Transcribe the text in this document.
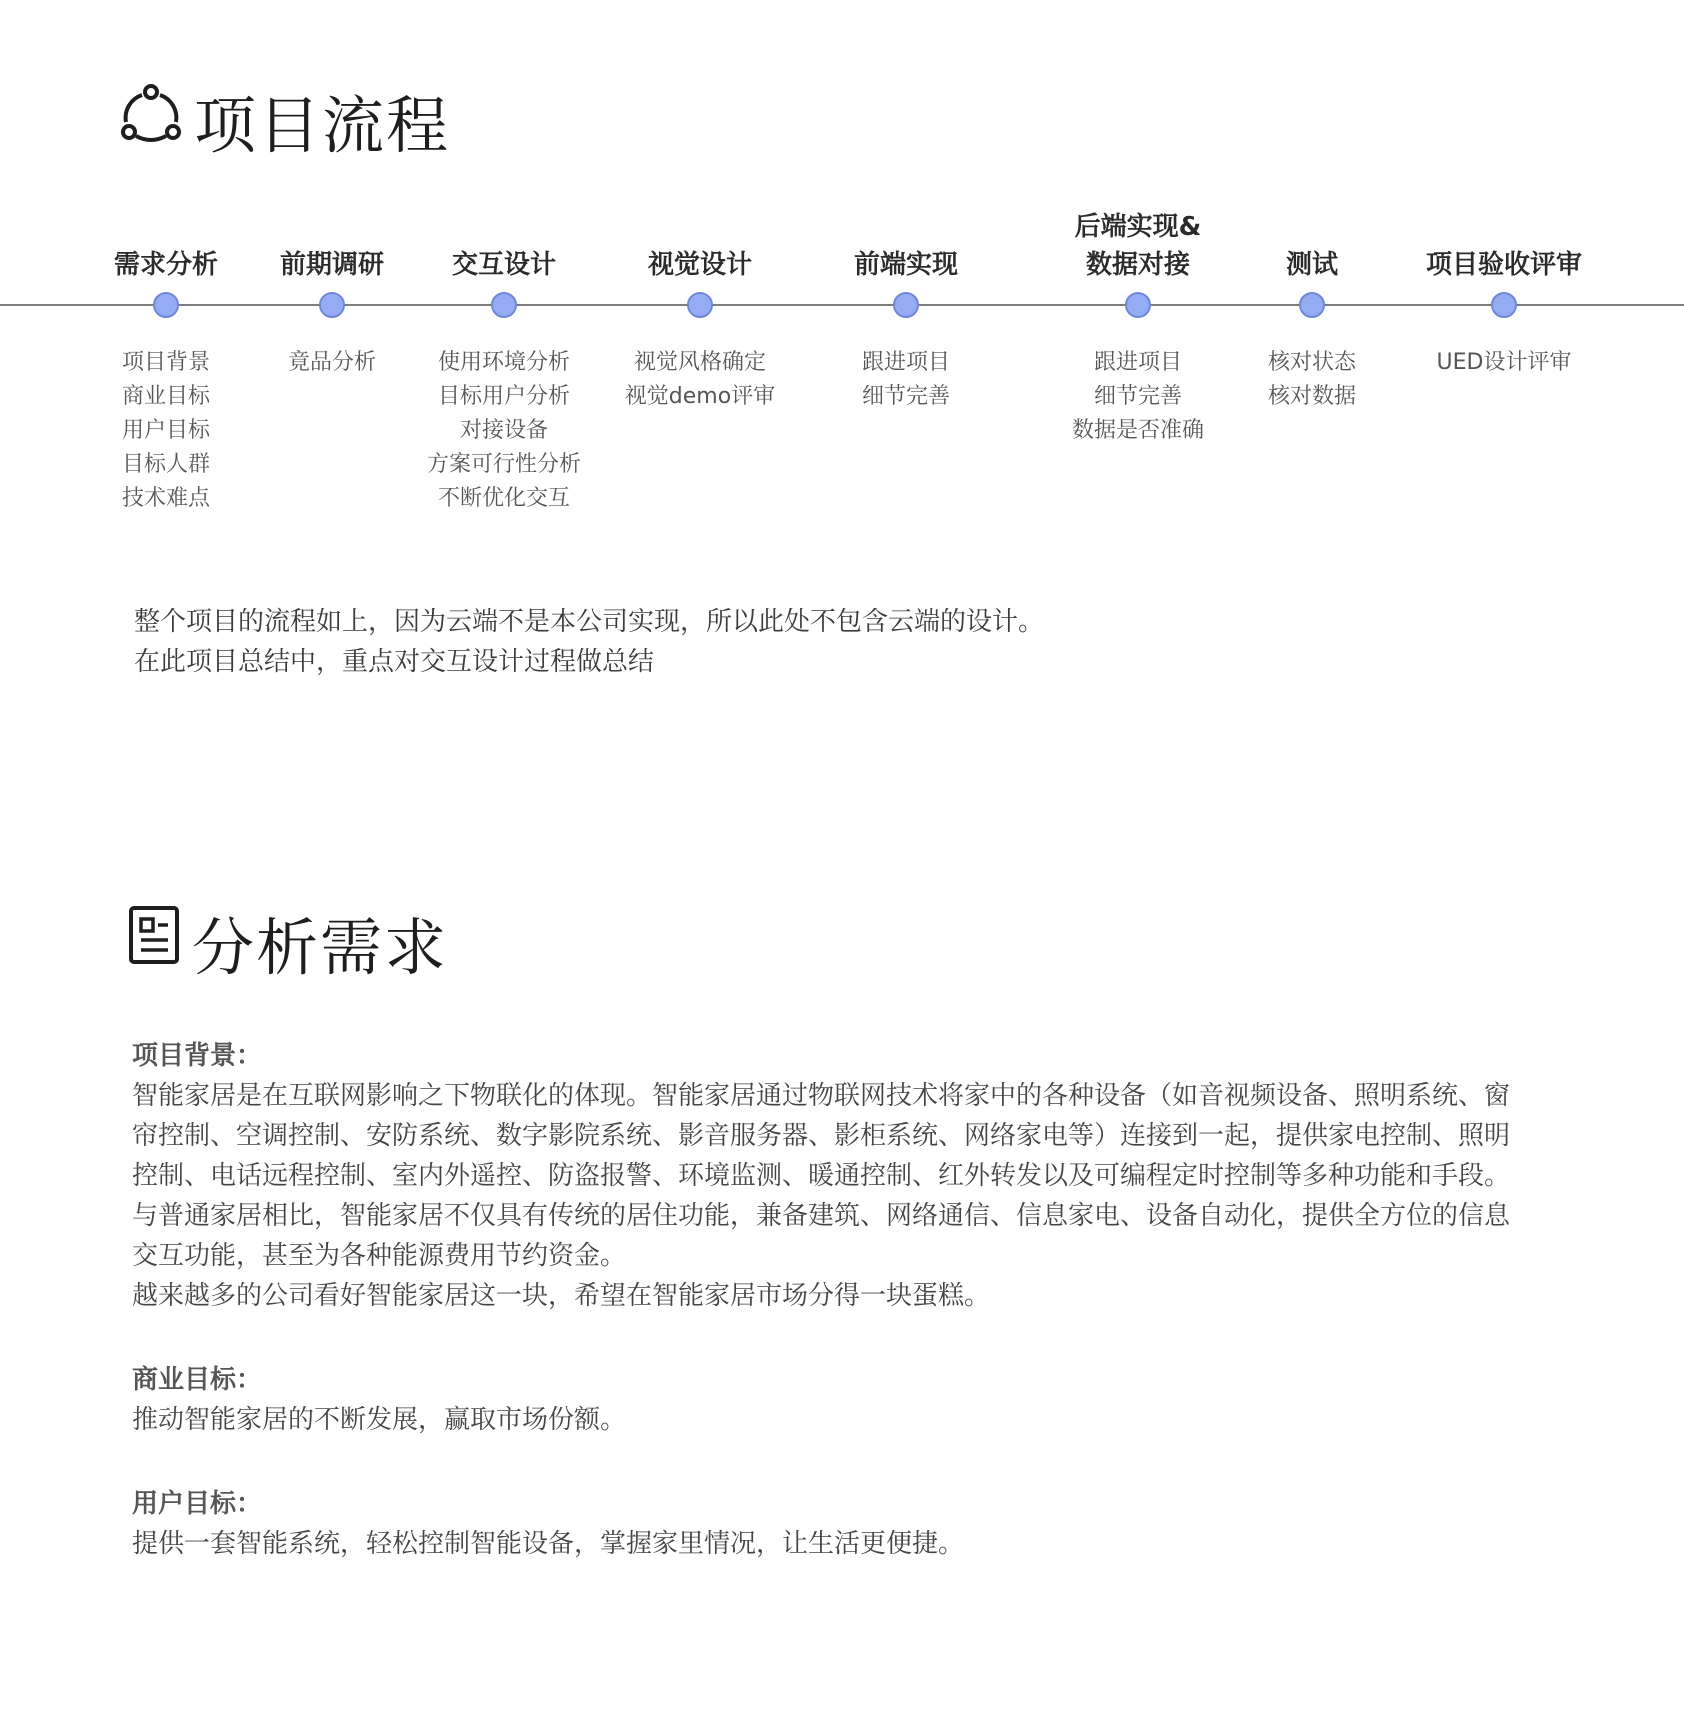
项目流程
需求分析
项目背景
商业目标
用户目标
目标人群
技术难点
前期调研
竟品分析
交互设计
使用环境分析
目标用户分析
对接设备
方案可行性分析
不断优化交互
视觉设计
视觉风格确定
视觉demo评审
前端实现
跟进项目
细节完善
后端实现&
数据对接
跟进项目
细节完善
数据是否准确
测试
核对状态
核对数据
项目验收评审
UED设计评审
整个项目的流程如上，因为云端不是本公司实现，所以此处不包含云端的设计。
在此项目总结中，重点对交互设计过程做总结
分析需求
项目背景：

智能家居是在互联网影响之下物联化的体现。智能家居通过物联网技术将家中的各种设备（如音视频设备、照明系统、窗帘控制、空调控制、安防系统、数字影院系统、影音服务器、影柜系统、网络家电等）连接到一起，提供家电控制、照明控制、电话远程控制、室内外遥控、防盗报警、环境监测、暖通控制、红外转发以及可编程定时控制等多种功能和手段。

与普通家居相比，智能家居不仅具有传统的居住功能，兼备建筑、网络通信、信息家电、设备自动化，提供全方位的信息交互功能，甚至为各种能源费用节约资金。

越来越多的公司看好智能家居这一块，希望在智能家居市场分得一块蛋糕。

商业目标：

推动智能家居的不断发展，赢取市场份额。

用户目标：

提供一套智能系统，轻松控制智能设备，掌握家里情况，让生活更便捷。
